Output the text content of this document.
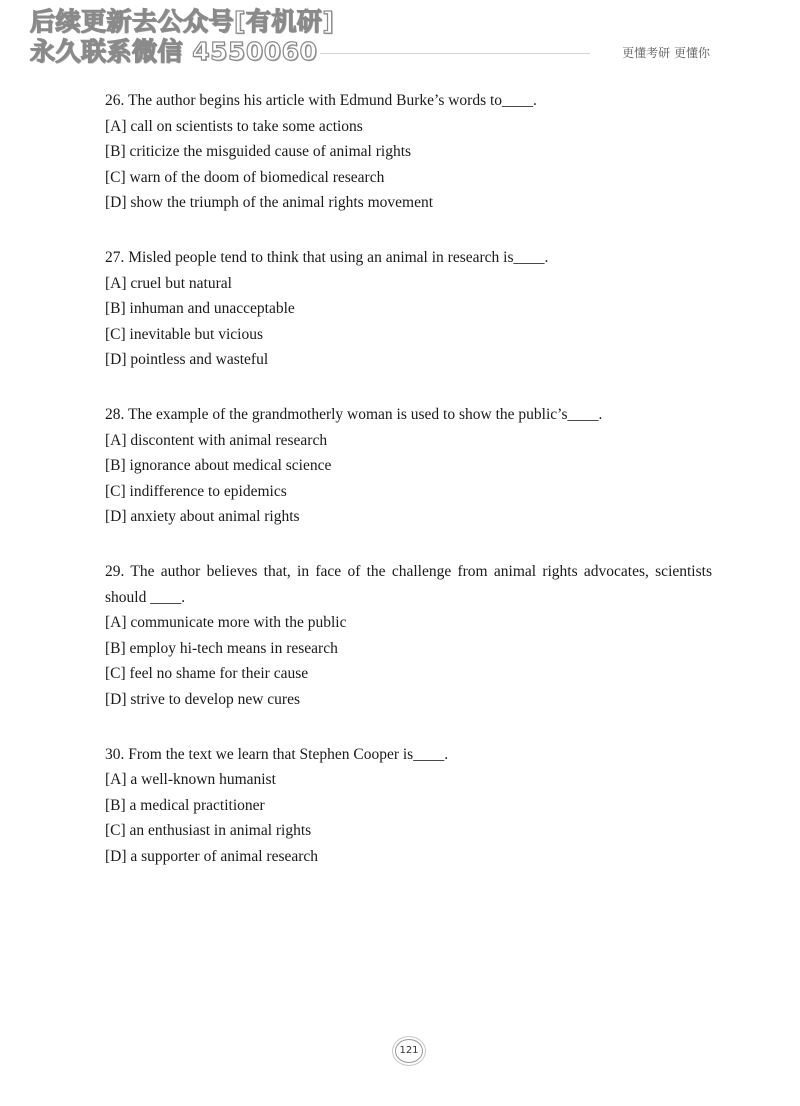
后续更新去公众号[有机研]
永久联系微信 4550060	更懂考研 更懂你

26. The author begins his article with Edmund Burke’s words to____.

[A] call on scientists to take some actions

[B] criticize the misguided cause of animal rights

[C] warn of the doom of biomedical research

[D] show the triumph of the animal rights movement

27. Misled people tend to think that using an animal in research is____.

[A] cruel but natural

[B] inhuman and unacceptable

[C] inevitable but vicious

[D] pointless and wasteful

28. The example of the grandmotherly woman is used to show the public’s____.

[A] discontent with animal research

[B] ignorance about medical science

[C] indifference to epidemics

[D] anxiety about animal rights

29. The author believes that, in face of the challenge from animal rights advocates, scientists should ____.

[A] communicate more with the public

[B] employ hi-tech means in research

[C] feel no shame for their cause

[D] strive to develop new cures

30. From the text we learn that Stephen Cooper is____.

[A] a well-known humanist

[B] a medical practitioner

[C] an enthusiast in animal rights

[D] a supporter of animal research

121
